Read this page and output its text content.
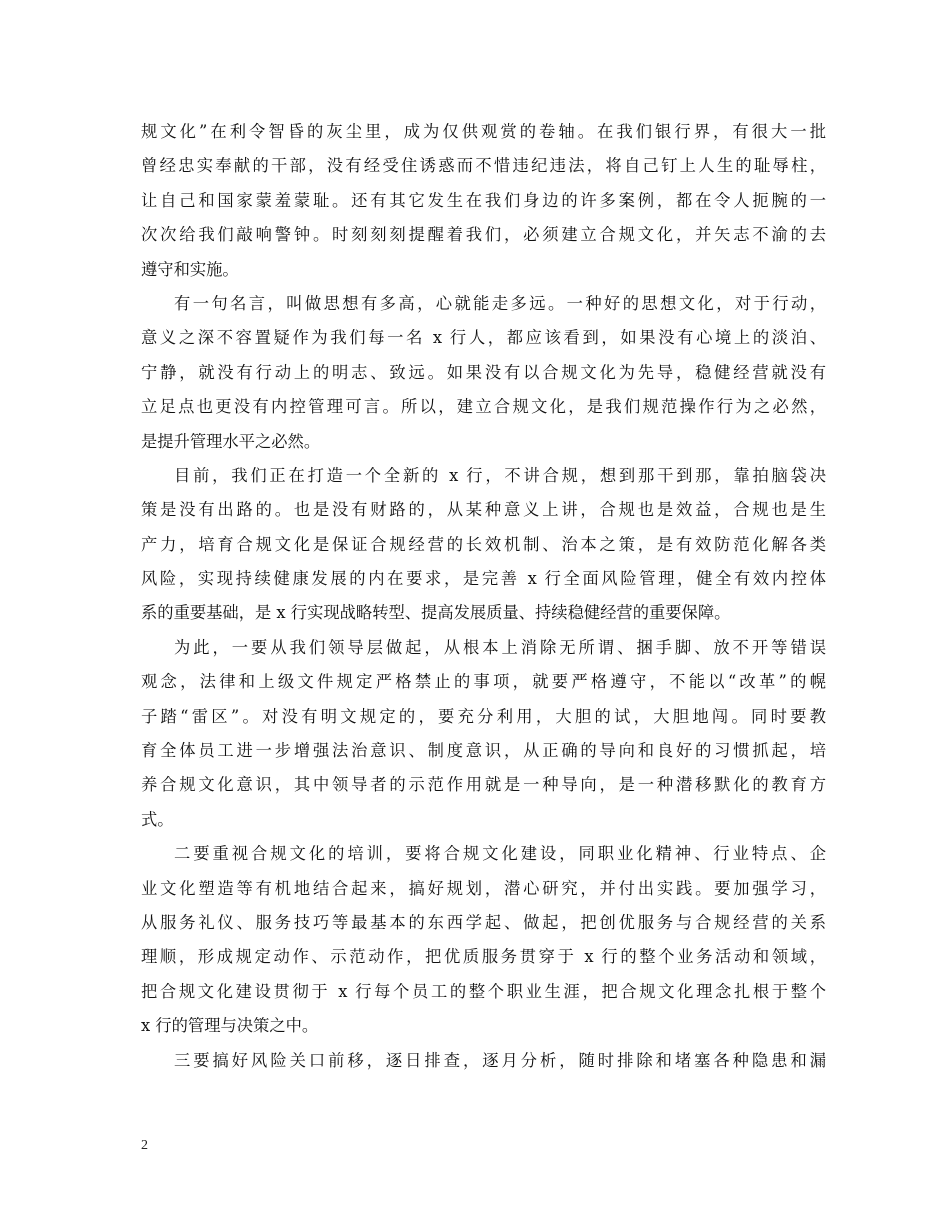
规文化”在利令智昏的灰尘里，成为仅供观赏的卷轴。在我们银行界，有很大一批
曾经忠实奉献的干部，没有经受住诱惑而不惜违纪违法，将自己钉上人生的耻辱柱，
让自己和国家蒙羞蒙耻。还有其它发生在我们身边的许多案例，都在令人扼腕的一
次次给我们敲响警钟。时刻刻刻提醒着我们，必须建立合规文化，并矢志不渝的去
遵守和实施。
有一句名言，叫做思想有多高，心就能走多远。一种好的思想文化，对于行动，
意义之深不容置疑作为我们每一名 x 行人，都应该看到，如果没有心境上的淡泊、
宁静，就没有行动上的明志、致远。如果没有以合规文化为先导，稳健经营就没有
立足点也更没有内控管理可言。所以，建立合规文化，是我们规范操作行为之必然，
是提升管理水平之必然。
目前，我们正在打造一个全新的 x 行，不讲合规，想到那干到那，靠拍脑袋决
策是没有出路的。也是没有财路的，从某种意义上讲，合规也是效益，合规也是生
产力，培育合规文化是保证合规经营的长效机制、治本之策，是有效防范化解各类
风险，实现持续健康发展的内在要求，是完善 x 行全面风险管理，健全有效内控体
系的重要基础，是 x 行实现战略转型、提高发展质量、持续稳健经营的重要保障。
为此，一要从我们领导层做起，从根本上消除无所谓、捆手脚、放不开等错误
观念，法律和上级文件规定严格禁止的事项，就要严格遵守，不能以“改革”的幌
子踏“雷区”。对没有明文规定的，要充分利用，大胆的试，大胆地闯。同时要教
育全体员工进一步增强法治意识、制度意识，从正确的导向和良好的习惯抓起，培
养合规文化意识，其中领导者的示范作用就是一种导向，是一种潜移默化的教育方
式。
二要重视合规文化的培训，要将合规文化建设，同职业化精神、行业特点、企
业文化塑造等有机地结合起来，搞好规划，潜心研究，并付出实践。要加强学习，
从服务礼仪、服务技巧等最基本的东西学起、做起，把创优服务与合规经营的关系
理顺，形成规定动作、示范动作，把优质服务贯穿于 x 行的整个业务活动和领域，
把合规文化建设贯彻于 x 行每个员工的整个职业生涯，把合规文化理念扎根于整个
x 行的管理与决策之中。
三要搞好风险关口前移，逐日排查，逐月分析，随时排除和堵塞各种隐患和漏
2
